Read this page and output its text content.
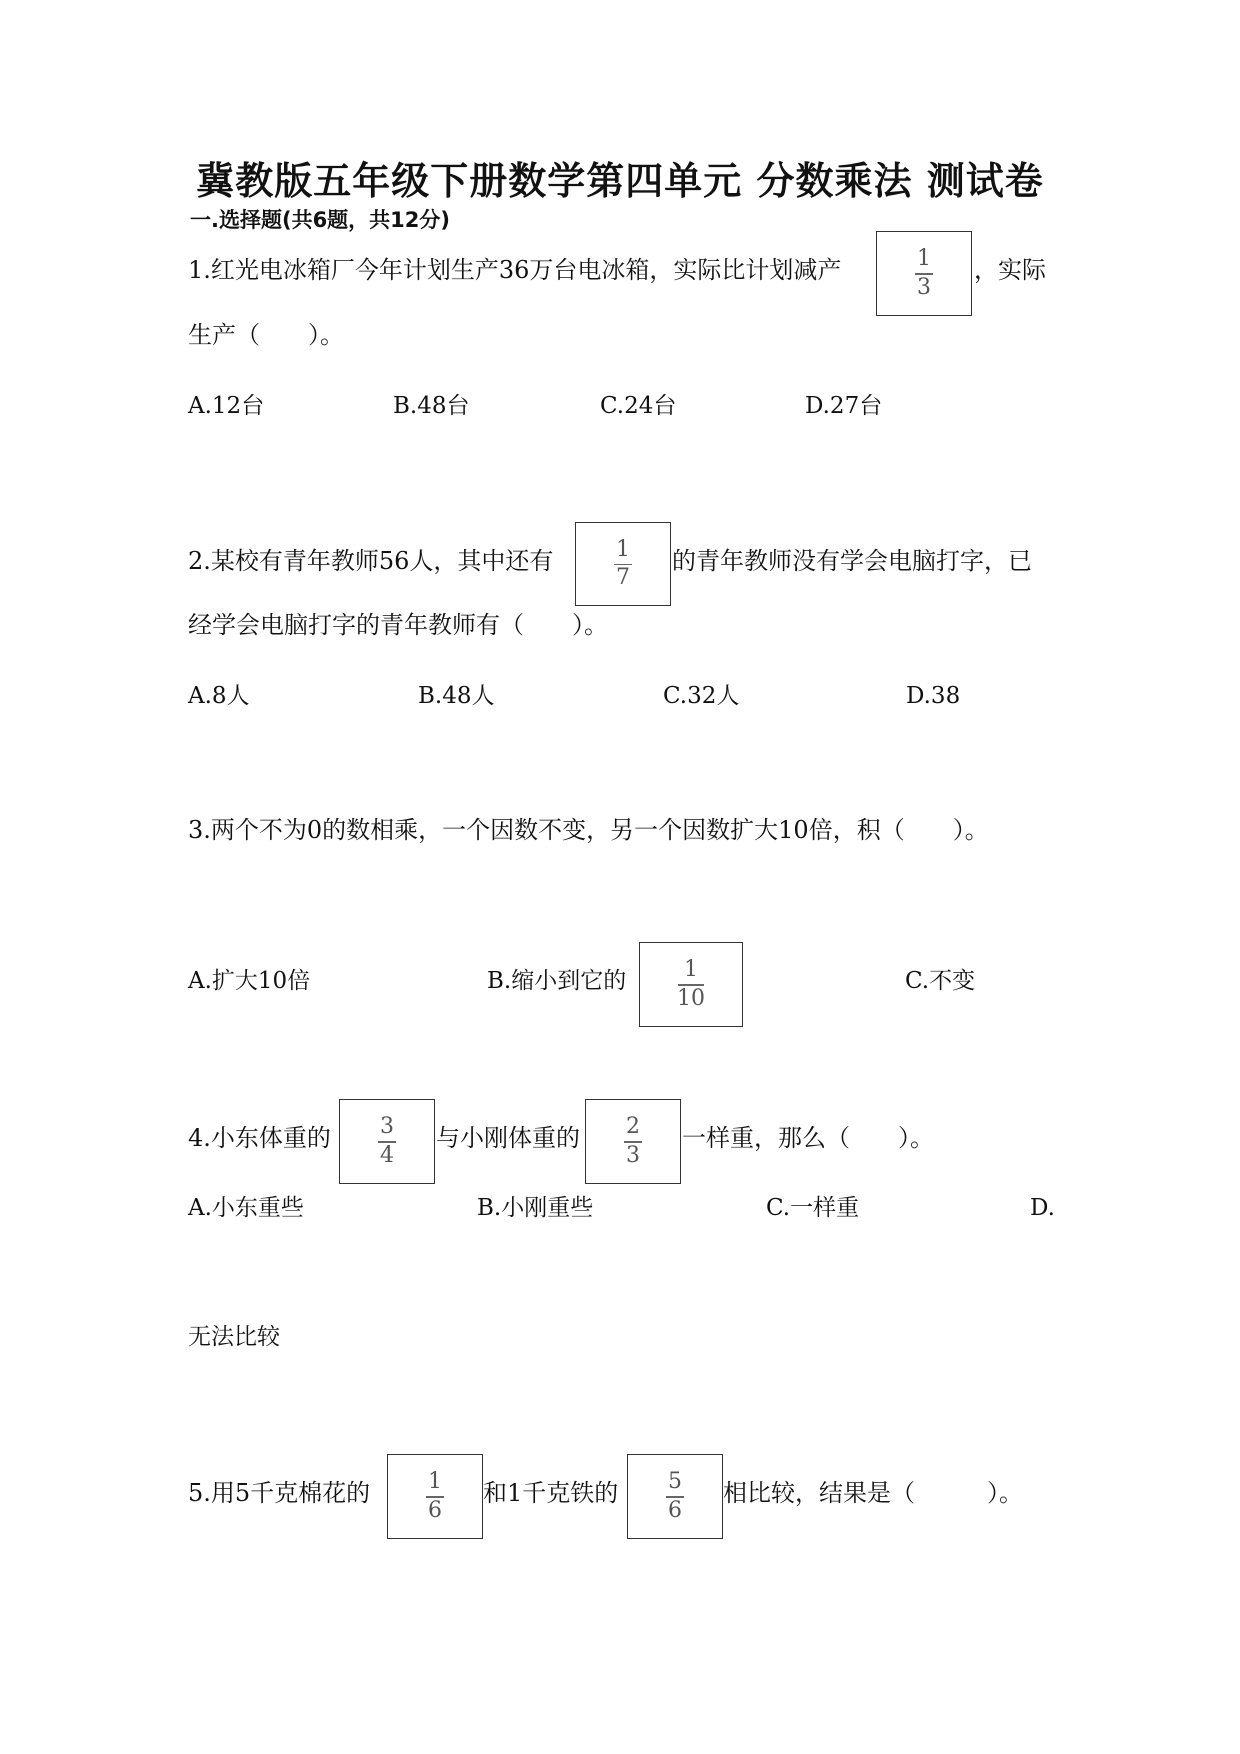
冀教版五年级下册数学第四单元 分数乘法 测试卷
一.选择题(共6题，共12分)
1.红光电冰箱厂今年计划生产36万台电冰箱，实际比计划减产	$\frac{1}{3}$ ，实际
生产（　　）。
A.12台	B.48台	C.24台	D.27台
2.某校有青年教师56人，其中还有	$\frac{1}{7}$ 的青年教师没有学会电脑打字，已
经学会电脑打字的青年教师有（　　）。
A.8人	B.48人	C.32人	D.38
3.两个不为0的数相乘，一个因数不变，另一个因数扩大10倍，积（　　）。
A.扩大10倍	B.缩小到它的 $\frac{1}{10}$	C.不变
4.小东体重的 $\frac{3}{4}$ 与小刚体重的 $\frac{2}{3}$ 一样重，那么（　　）。
A.小东重些	B.小刚重些	C.一样重	D.
无法比较
5.用5千克棉花的	$\frac{1}{6}$ 和1千克铁的 $\frac{5}{6}$ 相比较，结果是（　　　）。
